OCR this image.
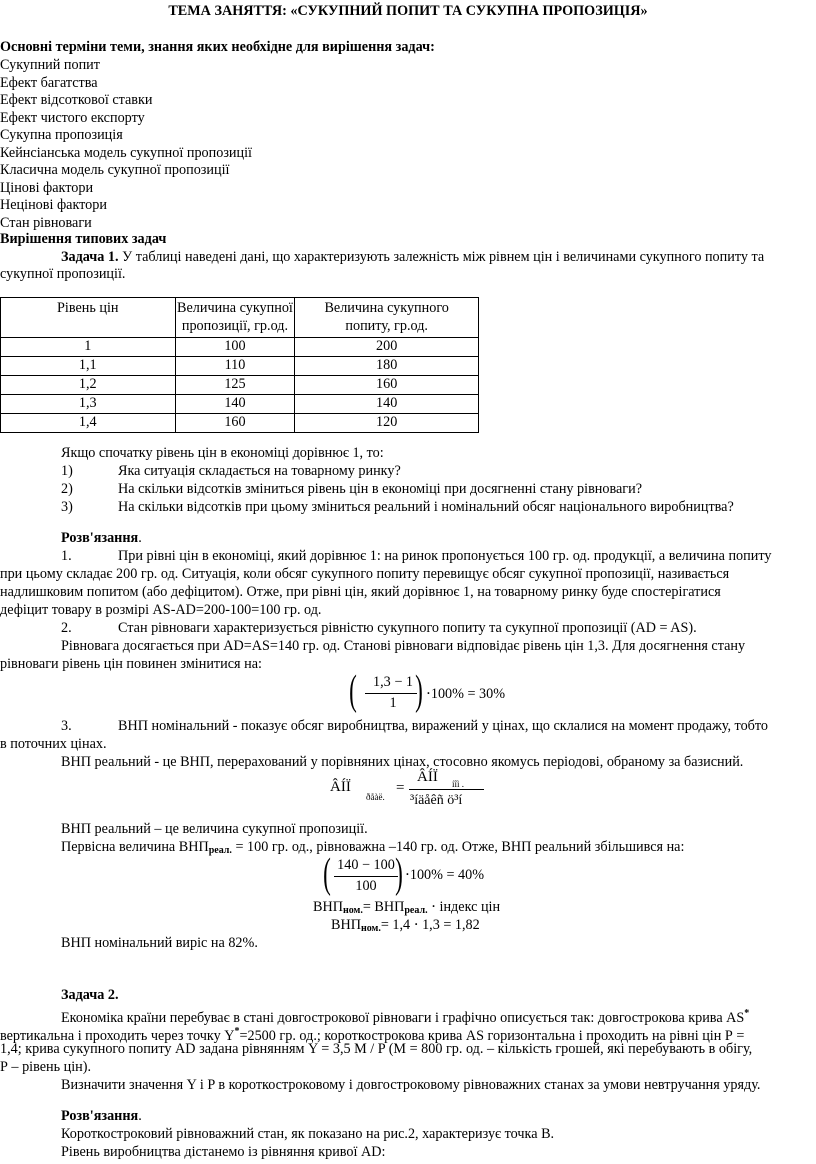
ТЕМА ЗАНЯТТЯ: «СУКУПНИЙ ПОПИТ ТА СУКУПНА ПРОПОЗИЦІЯ»
Основні терміни теми, знання яких необхідне для вирішення задач:
Сукупний попит
Ефект багатства
Ефект відсоткової ставки
Ефект чистого експорту
Сукупна пропозиція
Кейнсіанська модель сукупної пропозиції
Класична модель сукупної пропозиції
Цінові фактори
Нецінові фактори
Стан рівноваги
Вирішення типових задач
Задача 1. У таблиці наведені дані, що характеризують залежність між рівнем цін і величинами сукупного попиту та
сукупної пропозиції.
Рівень цін	Величина сукупної
пропозиції, гр.од.	Величина сукупного
попиту, гр.од.
1	100	200
1,1	110	180
1,2	125	160
1,3	140	140
1,4	160	120
Якщо спочатку рівень цін в економіці дорівнює 1, то:
1)	Яка ситуація складається на товарному ринку?
2)	На скільки відсотків зміниться рівень цін в економіці при досягненні стану рівноваги?
3)	На скільки відсотків при цьому зміниться реальний і номінальний обсяг національного виробництва?
Розв'язання.
1.	При рівні цін в економіці, який дорівнює 1: на ринок пропонується 100 гр. од. продукції, а величина попиту
при цьому складає 200 гр. од. Ситуація, коли обсяг сукупного попиту перевищує обсяг сукупної пропозиції, називається
надлишковим попитом (або дефіцитом). Отже, при рівні цін, який дорівнює 1, на товарному ринку буде спостерігатися
дефіцит товару в розмірі AS-AD=200-100=100 гр. од.
2.	Стан рівноваги характеризується рівністю сукупного попиту та сукупної пропозиції (AD = AS).
Рівновага досягається при AD=AS=140 гр. од. Станові рівноваги відповідає рівень цін 1,3. Для досягнення стану
рівноваги рівень цін повинен змінитися на:
(	1,3 − 1
1 ) ⋅100% = 30%
3.	ВНП номінальний - показує обсяг виробництва, виражений у цінах, що склалися на момент продажу, тобто
в поточних цінах.
ВНП реальний - це ВНП, перерахований у порівняних цінах, стосовно якомусь періодові, обраному за базисний.
ÂÍÏ
ðåàë.
=
ÂÍÏ íîì .
³íäåêñ ö³í
ВНП реальний – це величина сукупної пропозиції.
Первісна величина $ВНП_{реал.} = 100$ гр. од., рівноважна –140 гр. од. Отже, ВНП реальний збільшився на:
( 140 − 100
100 ) ⋅100% = 40%
$ВНП_{ном.}= ВНП_{реал.}$ ⋅ індекс цін
$ВНП_{ном.}= 1,4 \cdot 1,3 = 1,82$
ВНП номінальний виріс на 82%.
Задача 2.
Економіка країни перебуває в стані довгострокової рівноваги і графічно описується так: довгострокова крива AS*
вертикальна і проходить через точку Y*=2500 гр. од.; короткострокова крива AS горизонтальна і проходить на рівні цін Р =
1,4; крива сукупного попиту AD задана рівнянням Y = 3,5 M / P (M = 800 гр. од. – кількість грошей, які перебувають в обігу,
Р – рівень цін).
Визначити значення Y і P в короткостроковому і довгостроковому рівноважних станах за умови невтручання уряду.
Розв'язання.
Короткостроковий рівноважний стан, як показано на рис.2, характеризує точка В.
Рівень виробництва дістанемо із рівняння кривої AD:
